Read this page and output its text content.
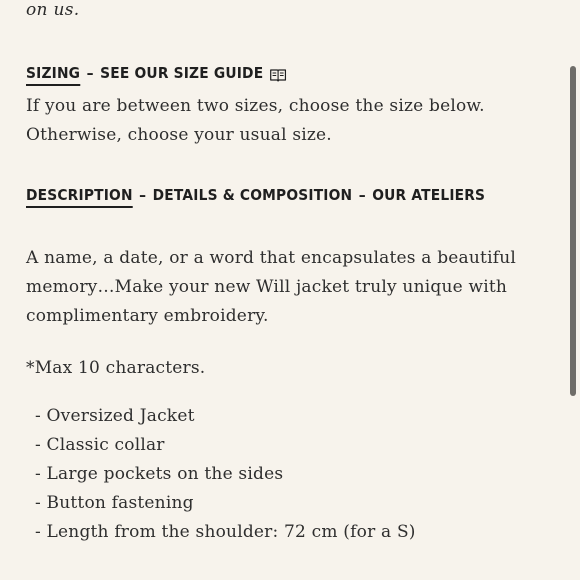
on us.
SIZING – SEE OUR SIZE GUIDE
If you are between two sizes, choose the size below.
Otherwise, choose your usual size.
DESCRIPTION – DETAILS & COMPOSITION – OUR ATELIERS
A name, a date, or a word that encapsulates a beautiful
memory…Make your new Will jacket truly unique with
complimentary embroidery.
*Max 10 characters.
- Oversized Jacket
- Classic collar
- Large pockets on the sides
- Button fastening
- Length from the shoulder: 72 cm (for a S)
